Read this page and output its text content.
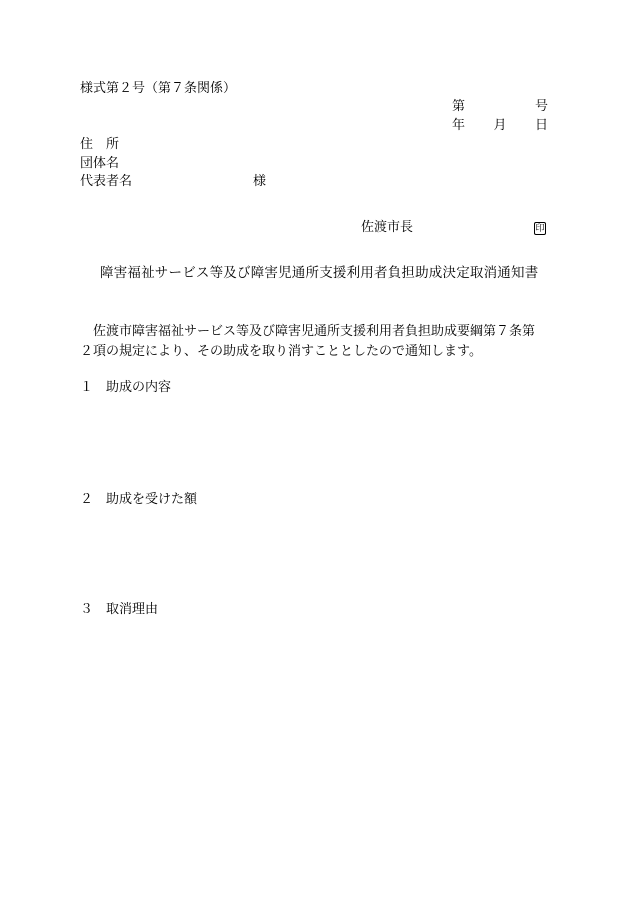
様式第２号（第７条関係）
第	号
年 月 日
住　所
団体名
代表者名	様
佐渡市長	印
障害福祉サービス等及び障害児通所支援利用者負担助成決定取消通知書
佐渡市障害福祉サービス等及び障害児通所支援利用者負担助成要綱第７条第
２項の規定により、その助成を取り消すこととしたので通知します。
１ 助成の内容
２ 助成を受けた額
３ 取消理由
